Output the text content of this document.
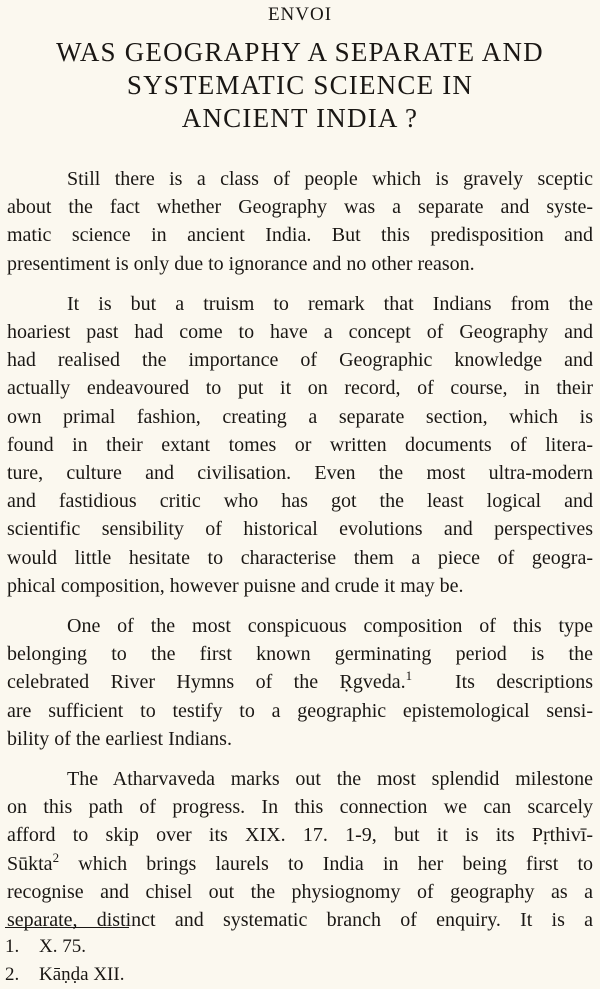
ENVOI
WAS GEOGRAPHY A SEPARATE AND
SYSTEMATIC SCIENCE IN
ANCIENT INDIA ?
Still there is a class of people which is gravely sceptic
about the fact whether Geography was a separate and syste-
matic science in ancient India. But this predisposition and
presentiment is only due to ignorance and no other reason.
It is but a truism to remark that Indians from the
hoariest past had come to have a concept of Geography and
had realised the importance of Geographic knowledge and
actually endeavoured to put it on record, of course, in their
own primal fashion, creating a separate section, which is
found in their extant tomes or written documents of litera-
ture, culture and civilisation. Even the most ultra-modern
and fastidious critic who has got the least logical and
scientific sensibility of historical evolutions and perspectives
would little hesitate to characterise them a piece of geogra-
phical composition, however puisne and crude it may be.
One of the most conspicuous composition of this type
belonging to the first known germinating period is the
celebrated River Hymns of the Ṛgveda.$^1$ Its descriptions
are sufficient to testify to a geographic epistemological sensi-
bility of the earliest Indians.
The Atharvaveda marks out the most splendid milestone
on this path of progress. In this connection we can scarcely
afford to skip over its XIX. 17. 1-9, but it is its Pṛthivī-
Sūkta$^2$ which brings laurels to India in her being first to
recognise and chisel out the physiognomy of geography as a
separate, distinct and systematic branch of enquiry. It is a
1. X. 75.
2. Kāṇḍa XII.
